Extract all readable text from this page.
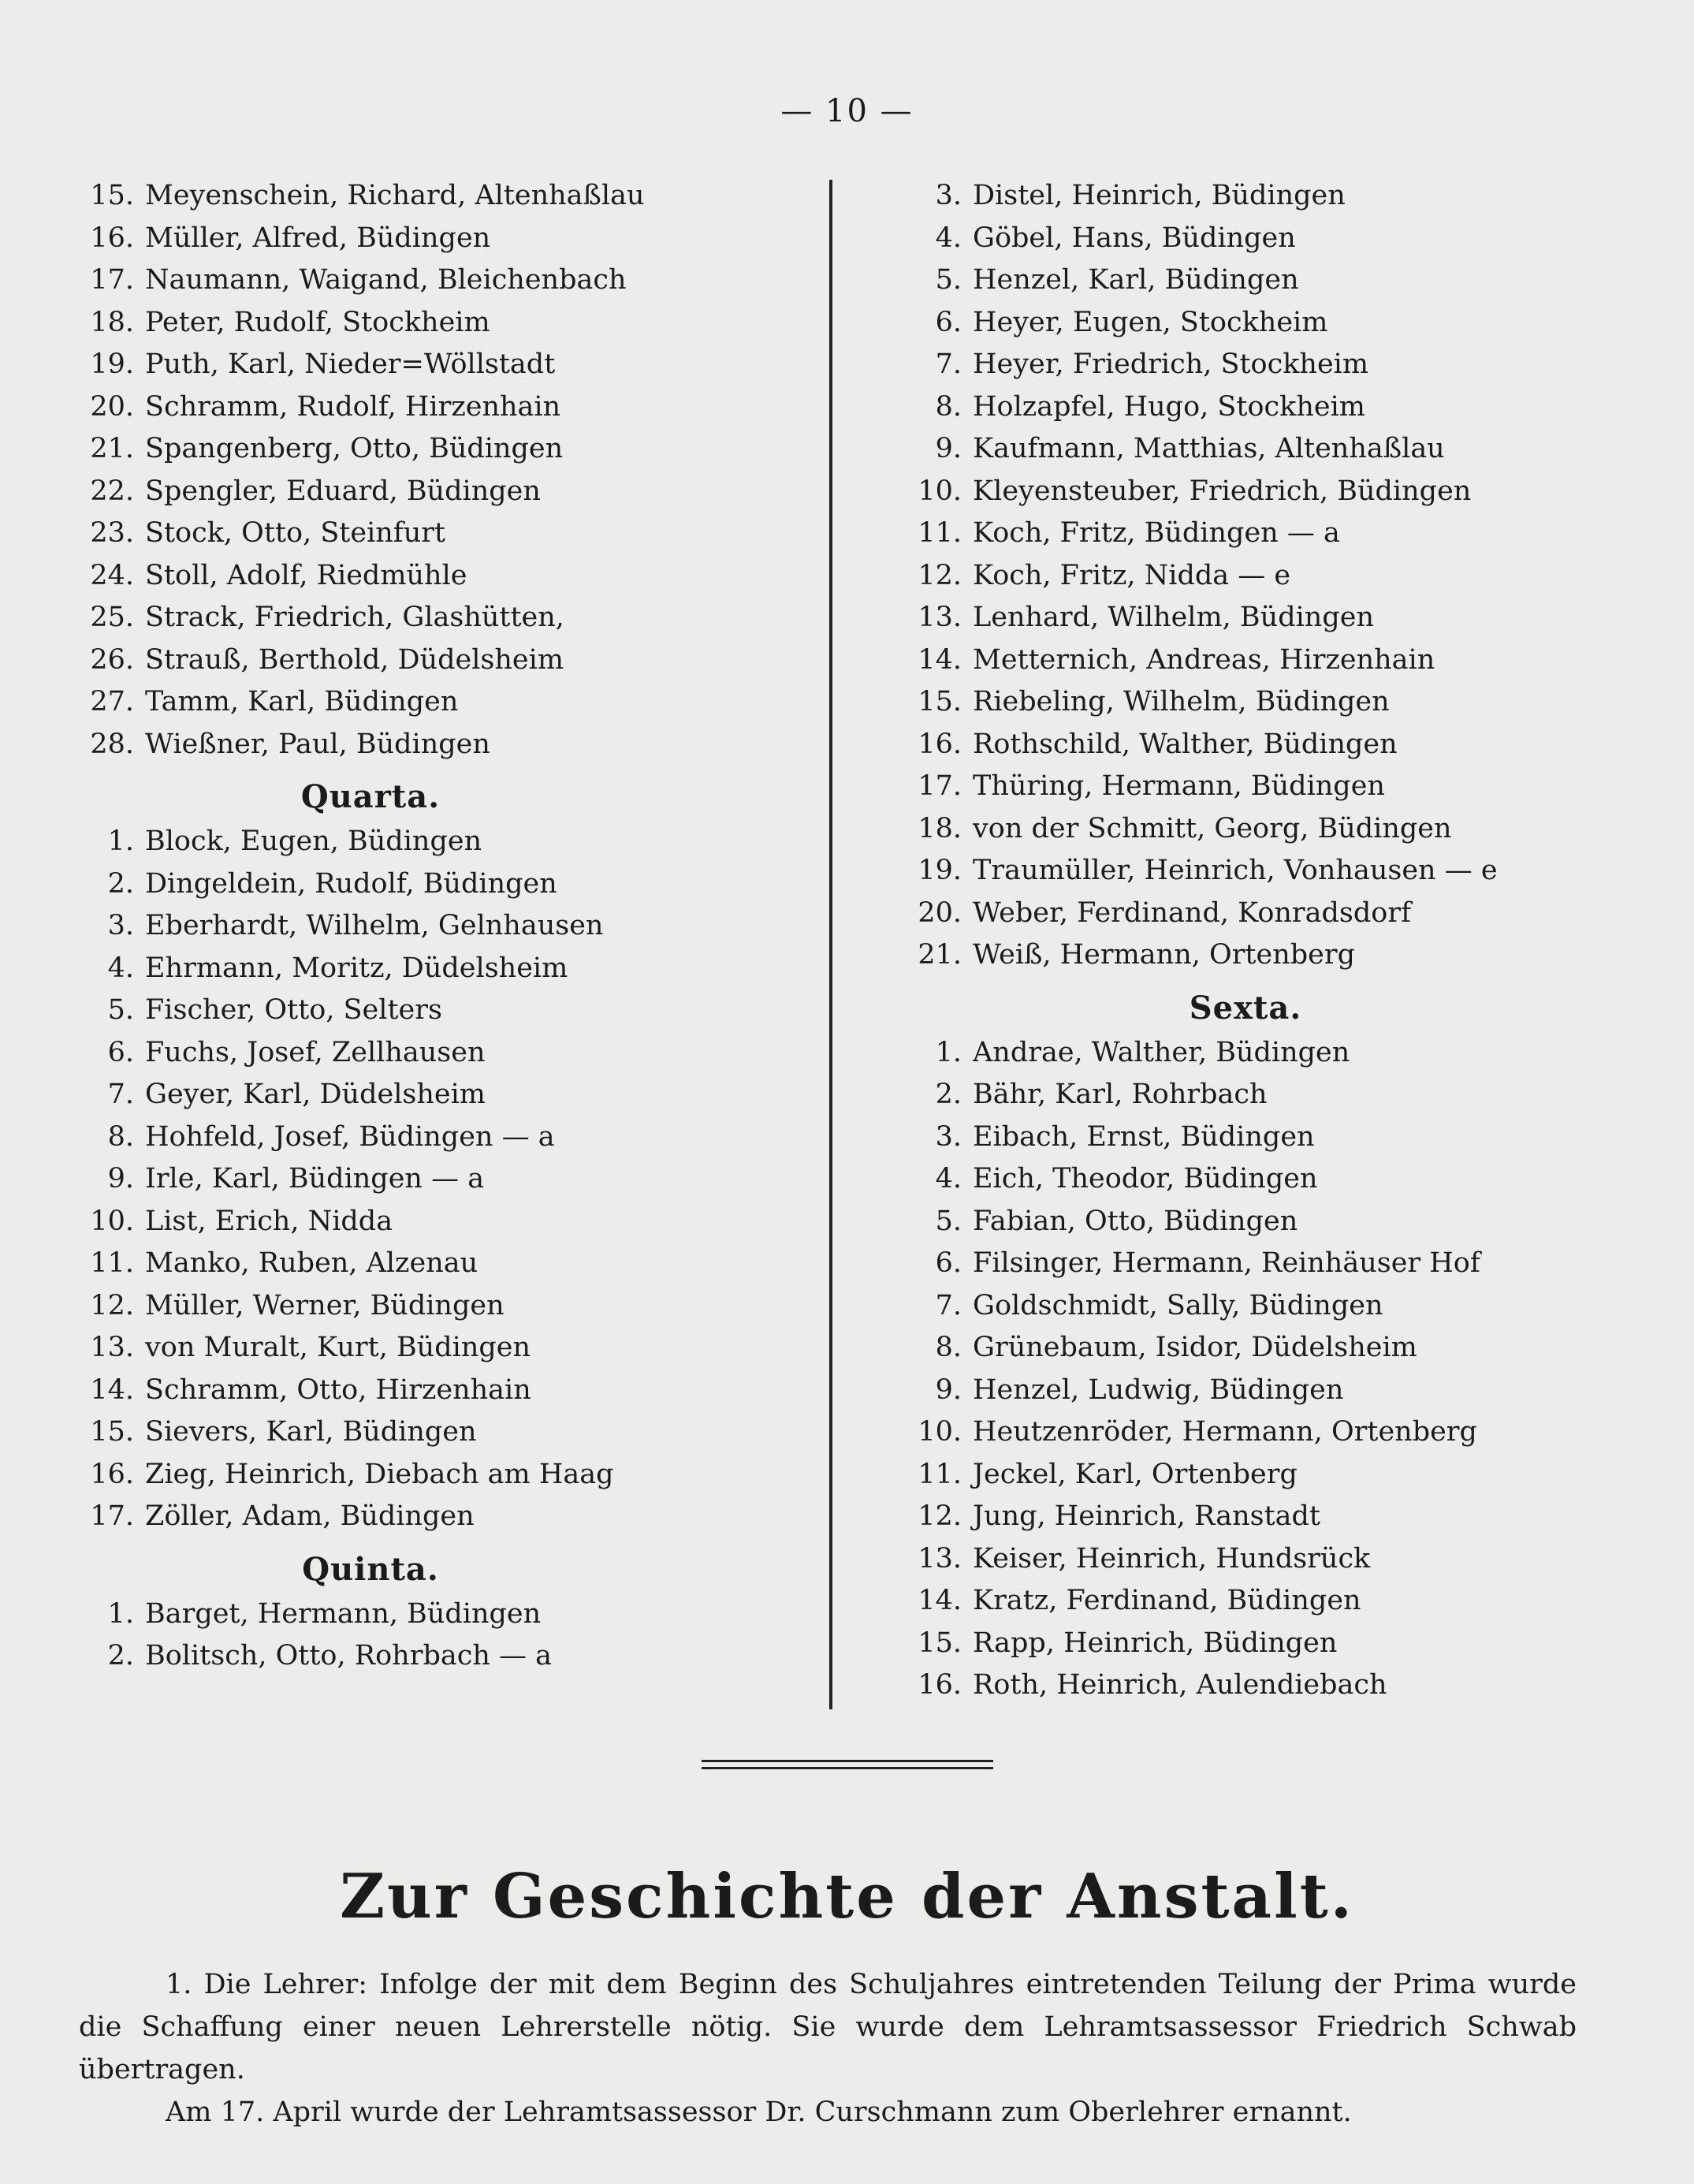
— 10 —
15. Meyenschein, Richard, Altenhaßlau
16. Müller, Alfred, Büdingen
17. Naumann, Waigand, Bleichenbach
18. Peter, Rudolf, Stockheim
19. Puth, Karl, Nieder=Wöllstadt
20. Schramm, Rudolf, Hirzenhain
21. Spangenberg, Otto, Büdingen
22. Spengler, Eduard, Büdingen
23. Stock, Otto, Steinfurt
24. Stoll, Adolf, Riedmühle
25. Strack, Friedrich, Glashütten,
26. Strauß, Berthold, Düdelsheim
27. Tamm, Karl, Büdingen
28. Wießner, Paul, Büdingen
Quarta.
1. Block, Eugen, Büdingen
2. Dingeldein, Rudolf, Büdingen
3. Eberhardt, Wilhelm, Gelnhausen
4. Ehrmann, Moritz, Düdelsheim
5. Fischer, Otto, Selters
6. Fuchs, Josef, Zellhausen
7. Geyer, Karl, Düdelsheim
8. Hohfeld, Josef, Büdingen — a
9. Irle, Karl, Büdingen — a
10. List, Erich, Nidda
11. Manko, Ruben, Alzenau
12. Müller, Werner, Büdingen
13. von Muralt, Kurt, Büdingen
14. Schramm, Otto, Hirzenhain
15. Sievers, Karl, Büdingen
16. Zieg, Heinrich, Diebach am Haag
17. Zöller, Adam, Büdingen
Quinta.
1. Barget, Hermann, Büdingen
2. Bolitsch, Otto, Rohrbach — a
3. Distel, Heinrich, Büdingen
4. Göbel, Hans, Büdingen
5. Henzel, Karl, Büdingen
6. Heyer, Eugen, Stockheim
7. Heyer, Friedrich, Stockheim
8. Holzapfel, Hugo, Stockheim
9. Kaufmann, Matthias, Altenhaßlau
10. Kleyensteuber, Friedrich, Büdingen
11. Koch, Fritz, Büdingen — a
12. Koch, Fritz, Nidda — e
13. Lenhard, Wilhelm, Büdingen
14. Metternich, Andreas, Hirzenhain
15. Riebeling, Wilhelm, Büdingen
16. Rothschild, Walther, Büdingen
17. Thüring, Hermann, Büdingen
18. von der Schmitt, Georg, Büdingen
19. Traumüller, Heinrich, Vonhausen — e
20. Weber, Ferdinand, Konradsdorf
21. Weiß, Hermann, Ortenberg
Sexta.
1. Andrae, Walther, Büdingen
2. Bähr, Karl, Rohrbach
3. Eibach, Ernst, Büdingen
4. Eich, Theodor, Büdingen
5. Fabian, Otto, Büdingen
6. Filsinger, Hermann, Reinhäuser Hof
7. Goldschmidt, Sally, Büdingen
8. Grünebaum, Isidor, Düdelsheim
9. Henzel, Ludwig, Büdingen
10. Heutzenröder, Hermann, Ortenberg
11. Jeckel, Karl, Ortenberg
12. Jung, Heinrich, Ranstadt
13. Keiser, Heinrich, Hundsrück
14. Kratz, Ferdinand, Büdingen
15. Rapp, Heinrich, Büdingen
16. Roth, Heinrich, Aulendiebach
Zur Geschichte der Anstalt.
1. Die Lehrer: Infolge der mit dem Beginn des Schuljahres eintretenden Teilung der Prima wurde die Schaffung einer neuen Lehrerstelle nötig. Sie wurde dem Lehramtsassessor Friedrich Schwab übertragen.
Am 17. April wurde der Lehramtsassessor Dr. Curschmann zum Oberlehrer ernannt.
